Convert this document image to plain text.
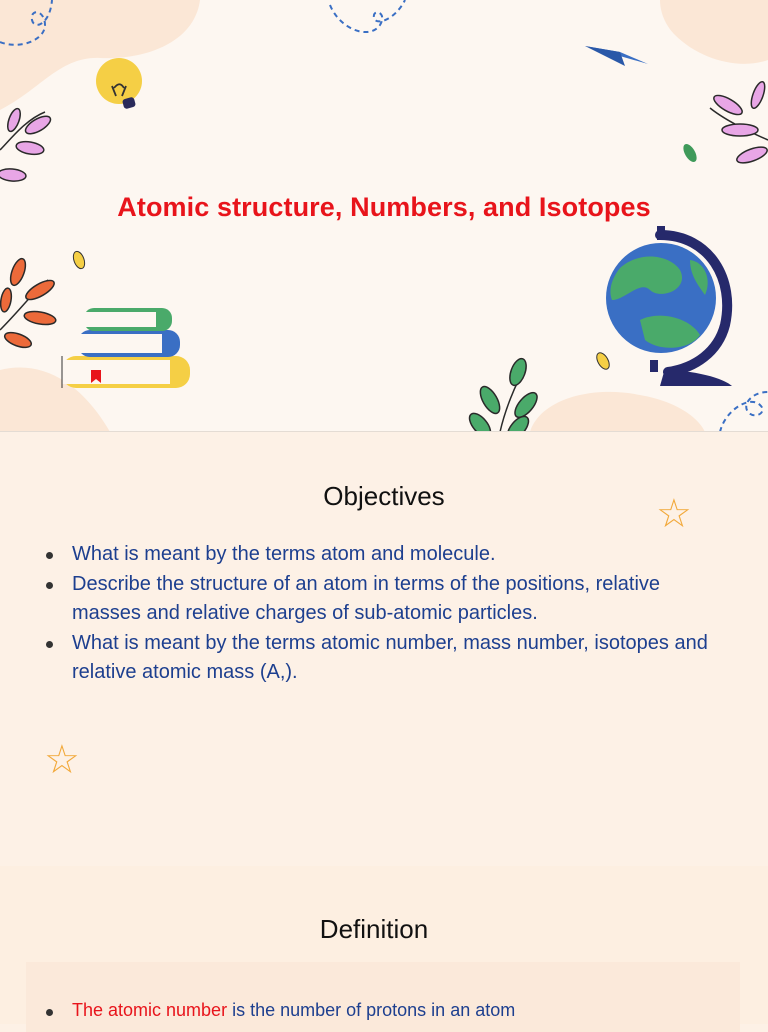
Atomic structure, Numbers, and Isotopes
Objectives	☆
What is meant by the terms atom and molecule.
Describe the structure of an atom in terms of the positions, relative masses and relative charges of sub-atomic particles.
What is meant by the terms atomic number, mass number, isotopes and relative atomic mass (A,).
☆
Definition
The atomic number is the number of protons in an atom
